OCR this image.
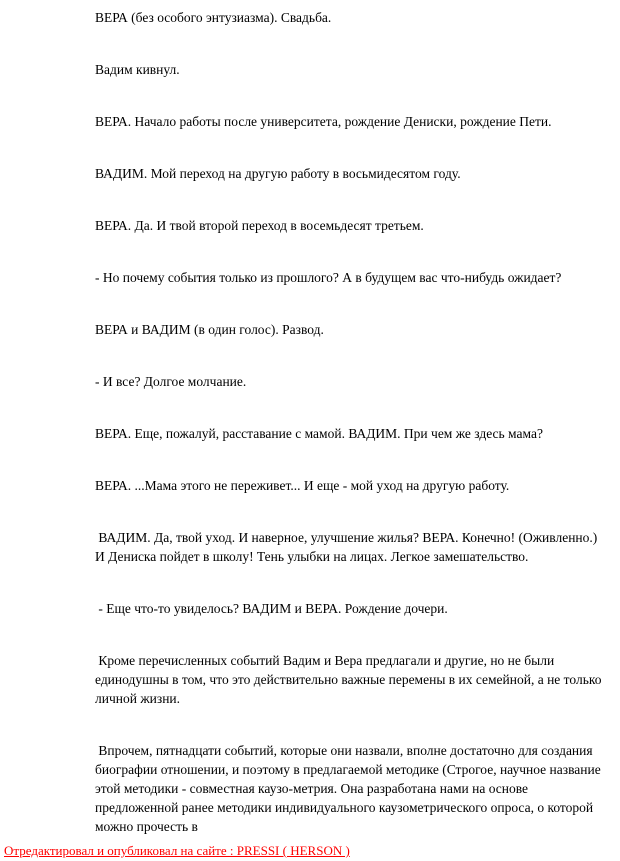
ВЕРА (без особого энтузиазма). Свадьба.

Вадим кивнул.

ВЕРА. Начало работы после университета, рождение Дениски, рождение Пети.

ВАДИМ. Мой переход на другую работу в восьмидесятом году.

ВЕРА. Да. И твой второй переход в восемьдесят третьем.

- Но почему события только из прошлого? А в будущем вас что-нибудь ожидает?

ВЕРА и ВАДИМ (в один голос). Развод.

- И все? Долгое молчание.

ВЕРА. Еще, пожалуй, расставание с мамой. ВАДИМ. При чем же здесь мама?

ВЕРА. ...Мама этого не переживет... И еще - мой уход на другую работу.

ВАДИМ. Да, твой уход. И наверное, улучшение жилья? ВЕРА. Конечно! (Оживленно.) И Дениска пойдет в школу! Тень улыбки на лицах. Легкое замешательство.

- Еще что-то увиделось? ВАДИМ и ВЕРА. Рождение дочери.

Кроме перечисленных событий Вадим и Вера предлагали и другие, но не были единодушны в том, что это действительно важные перемены в их семейной, а не только личной жизни.

Впрочем, пятнадцати событий, которые они назвали, вполне достаточно для создания биографии отношении, и поэтому в предлагаемой методике (Строгое, научное название этой методики - совместная каузо-метрия. Она разработана нами на основе предложенной ранее методики индивидуального каузометрического опроса, о которой можно прочесть в

Отредактировал и опубликовал на сайте : PRESSI ( HERSON )
